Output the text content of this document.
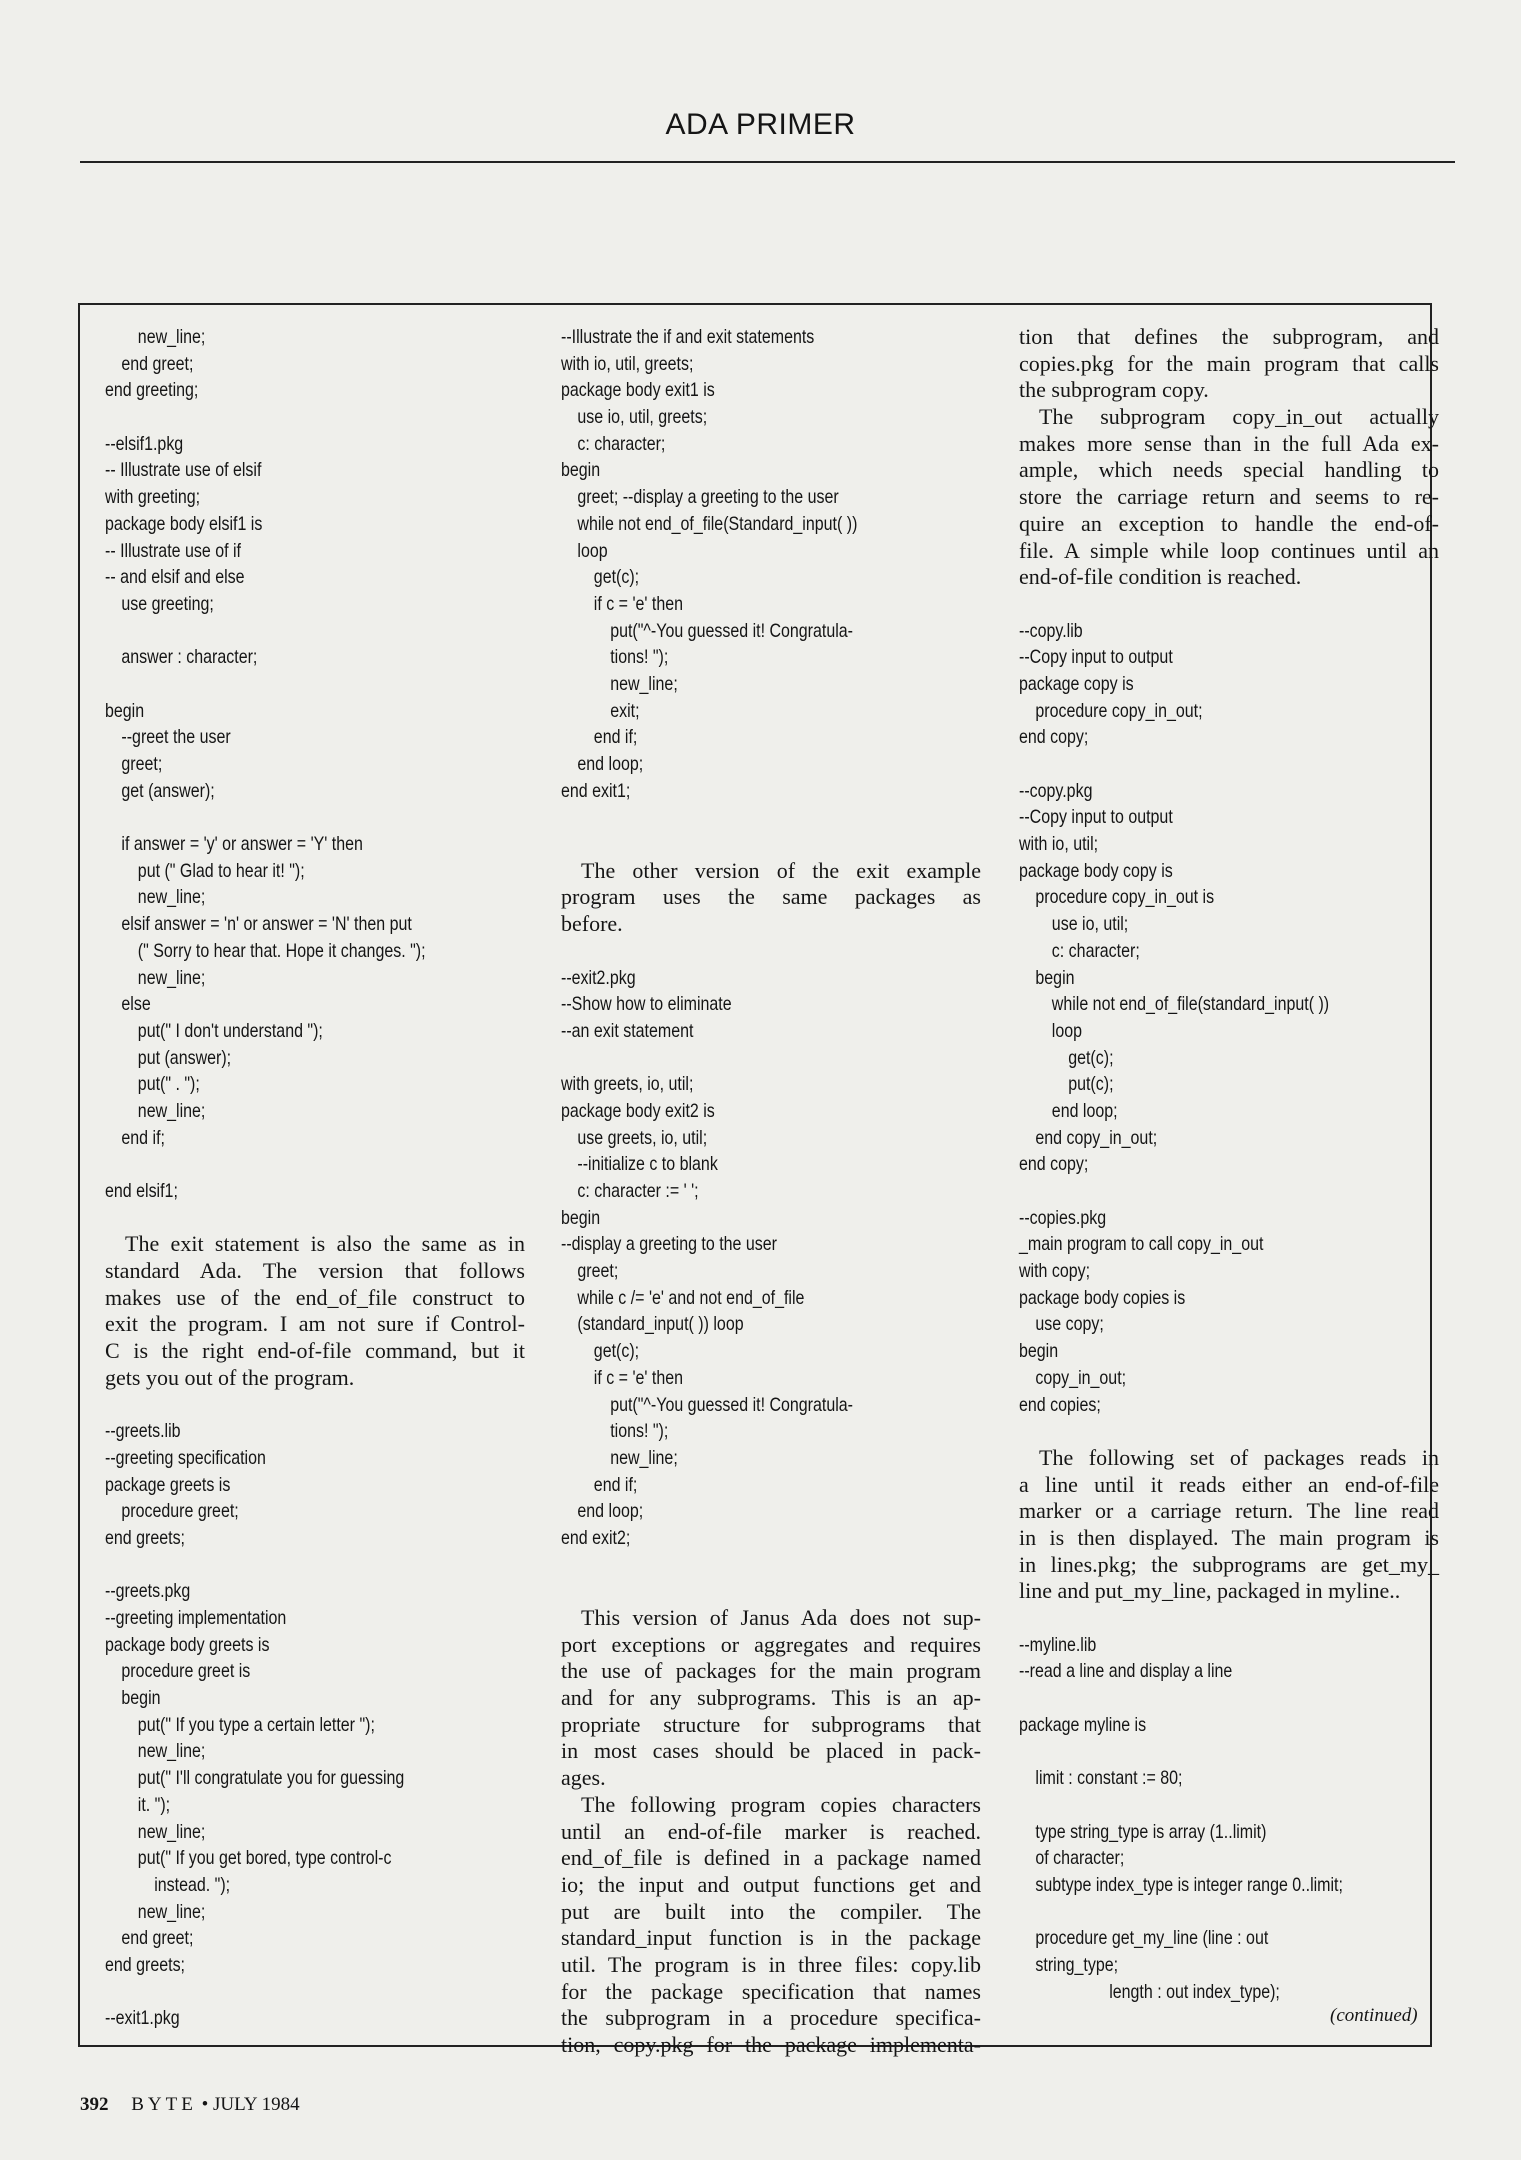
ADA PRIMER
new_line;
end greet;
end greeting;
--elsif1.pkg
-- Illustrate use of elsif
with greeting;
package body elsif1 is
-- Illustrate use of if
-- and elsif and else
use greeting;
answer : character;
begin
--greet the user
greet;
get (answer);
if answer = 'y' or answer = 'Y' then
put (" Glad to hear it! ");
new_line;
elsif answer = 'n' or answer = 'N' then put
(" Sorry to hear that. Hope it changes. ");
new_line;
else
put(" I don't understand ");
put (answer);
put(" . ");
new_line;
end if;
end elsif1;
The exit statement is also the same as in
standard Ada. The version that follows
makes use of the end_of_file construct to
exit the program. I am not sure if Control-
C is the right end-of-file command, but it
gets you out of the program.
--greets.lib
--greeting specification
package greets is
procedure greet;
end greets;
--greets.pkg
--greeting implementation
package body greets is
procedure greet is
begin
put(" If you type a certain letter ");
new_line;
put(" I'll congratulate you for guessing
it. ");
new_line;
put(" If you get bored, type control-c
instead. ");
new_line;
end greet;
end greets;
--exit1.pkg
--Illustrate the if and exit statements
with io, util, greets;
package body exit1 is
use io, util, greets;
c: character;
begin
greet; --display a greeting to the user
while not end_of_file(Standard_input( ))
loop
get(c);
if c = 'e' then
put("^-You guessed it! Congratula-
tions! ");
new_line;
exit;
end if;
end loop;
end exit1;
The other version of the exit example
program uses the same packages as
before.
--exit2.pkg
--Show how to eliminate
--an exit statement
with greets, io, util;
package body exit2 is
use greets, io, util;
--initialize c to blank
c: character := ' ';
begin
--display a greeting to the user
greet;
while c /= 'e' and not end_of_file
(standard_input( )) loop
get(c);
if c = 'e' then
put("^-You guessed it! Congratula-
tions! ");
new_line;
end if;
end loop;
end exit2;
This version of Janus Ada does not sup-
port exceptions or aggregates and requires
the use of packages for the main program
and for any subprograms. This is an ap-
propriate structure for subprograms that
in most cases should be placed in pack-
ages.
The following program copies characters
until an end-of-file marker is reached.
end_of_file is defined in a package named
io; the input and output functions get and
put are built into the compiler. The
standard_input function is in the package
util. The program is in three files: copy.lib
for the package specification that names
the subprogram in a procedure specifica-
tion, copy.pkg for the package implementa-
tion that defines the subprogram, and
copies.pkg for the main program that calls
the subprogram copy.
The subprogram copy_in_out actually
makes more sense than in the full Ada ex-
ample, which needs special handling to
store the carriage return and seems to re-
quire an exception to handle the end-of-
file. A simple while loop continues until an
end-of-file condition is reached.
--copy.lib
--Copy input to output
package copy is
procedure copy_in_out;
end copy;
--copy.pkg
--Copy input to output
with io, util;
package body copy is
procedure copy_in_out is
use io, util;
c: character;
begin
while not end_of_file(standard_input( ))
loop
get(c);
put(c);
end loop;
end copy_in_out;
end copy;
--copies.pkg
_main program to call copy_in_out
with copy;
package body copies is
use copy;
begin
copy_in_out;
end copies;
The following set of packages reads in
a line until it reads either an end-of-file
marker or a carriage return. The line read
in is then displayed. The main program is
in lines.pkg; the subprograms are get_my_
line and put_my_line, packaged in myline..
--myline.lib
--read a line and display a line
package myline is
limit : constant := 80;
type string_type is array (1..limit)
of character;
subtype index_type is integer range 0..limit;
procedure get_my_line (line : out
string_type;
length : out index_type);
(continued)
392 BYTE • JULY 1984
